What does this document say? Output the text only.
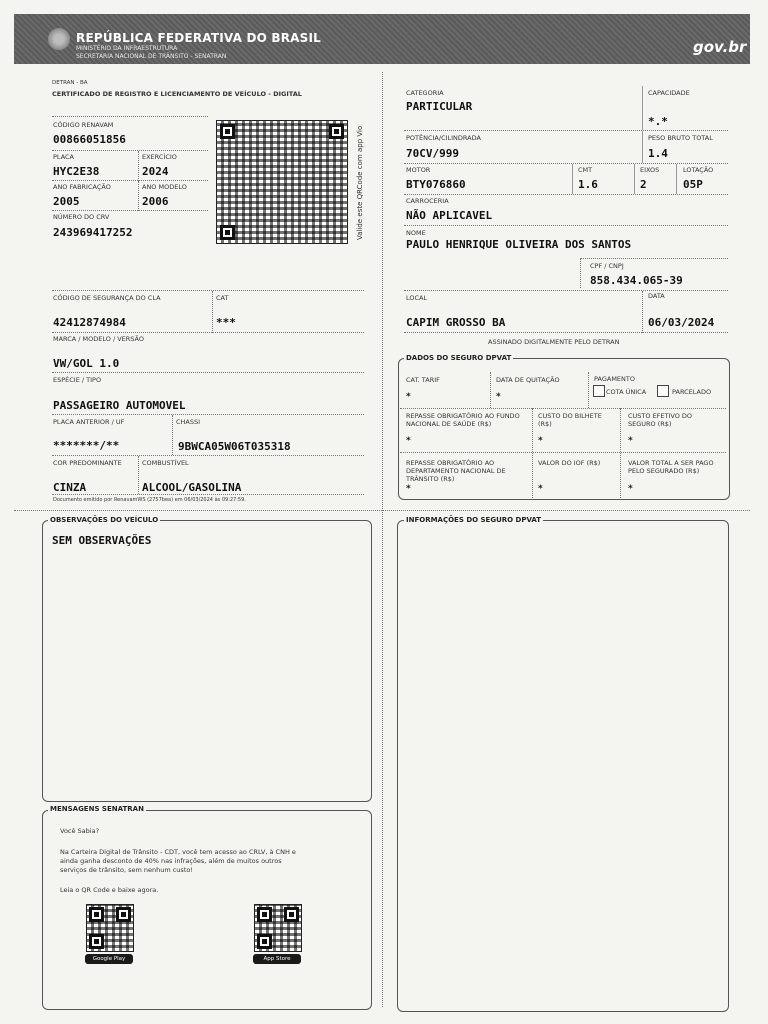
REPÚBLICA FEDERATIVA DO BRASIL
MINISTÉRIO DA INFRAESTRUTURA
SECRETARIA NACIONAL DE TRÂNSITO - SENATRAN
gov.br
DETRAN - BA
CERTIFICADO DE REGISTRO E LICENCIAMENTO DE VEÍCULO - DIGITAL
CÓDIGO RENAVAM
00866051856
PLACA
HYC2E38
EXERCÍCIO
2024
ANO FABRICAÇÃO
2005
ANO MODELO
2006
NÚMERO DO CRV
243969417252	Valide este QRCode com app Vio
CÓDIGO DE SEGURANÇA DO CLA
42412874984
CAT
***
MARCA / MODELO / VERSÃO
VW/GOL 1.0
ESPÉCIE / TIPO
PASSAGEIRO AUTOMOVEL
PLACA ANTERIOR / UF
*******/**
CHASSI
9BWCA05W06T035318
COR PREDOMINANTE
CINZA
COMBUSTÍVEL
ALCOOL/GASOLINA
Documento emitido por RenavamWS (2757bea) em 06/03/2024 às 09:27:59.
CATEGORIA
PARTICULAR
CAPACIDADE
*.*
POTÊNCIA/CILINDRADA
70CV/999
PESO BRUTO TOTAL
1.4
MOTOR
BTY076860
CMT
1.6
EIXOS
2
LOTAÇÃO
05P
CARROCERIA
NÃO APLICAVEL
NOME
PAULO HENRIQUE OLIVEIRA DOS SANTOS
CPF / CNPJ
858.434.065-39
LOCAL
CAPIM GROSSO BA
DATA
06/03/2024
ASSINADO DIGITALMENTE PELO DETRAN
DADOS DO SEGURO DPVAT
CAT. TARIF
*
DATA DE QUITAÇÃO
*
PAGAMENTO
COTA ÚNICA	PARCELADO
REPASSE OBRIGATÓRIO AO FUNDO NACIONAL DE SAÚDE (R$)
*
CUSTO DO BILHETE (R$)
*
CUSTO EFETIVO DO SEGURO (R$)
*
REPASSE OBRIGATÓRIO AO DEPARTAMENTO NACIONAL DE TRÂNSITO (R$)
*
VALOR DO IOF (R$)
*
VALOR TOTAL A SER PAGO PELO SEGURADO (R$)
*
OBSERVAÇÕES DO VEÍCULO
SEM OBSERVAÇÕES
INFORMAÇÕES DO SEGURO DPVAT
MENSAGENS SENATRAN
Você Sabia?
Na Carteira Digital de Trânsito - CDT, você tem acesso ao CRLV, à CNH e
ainda ganha desconto de 40% nas infrações, além de muitos outros
serviços de trânsito, sem nenhum custo!
Leia o QR Code e baixe agora.
Google Play	App Store
